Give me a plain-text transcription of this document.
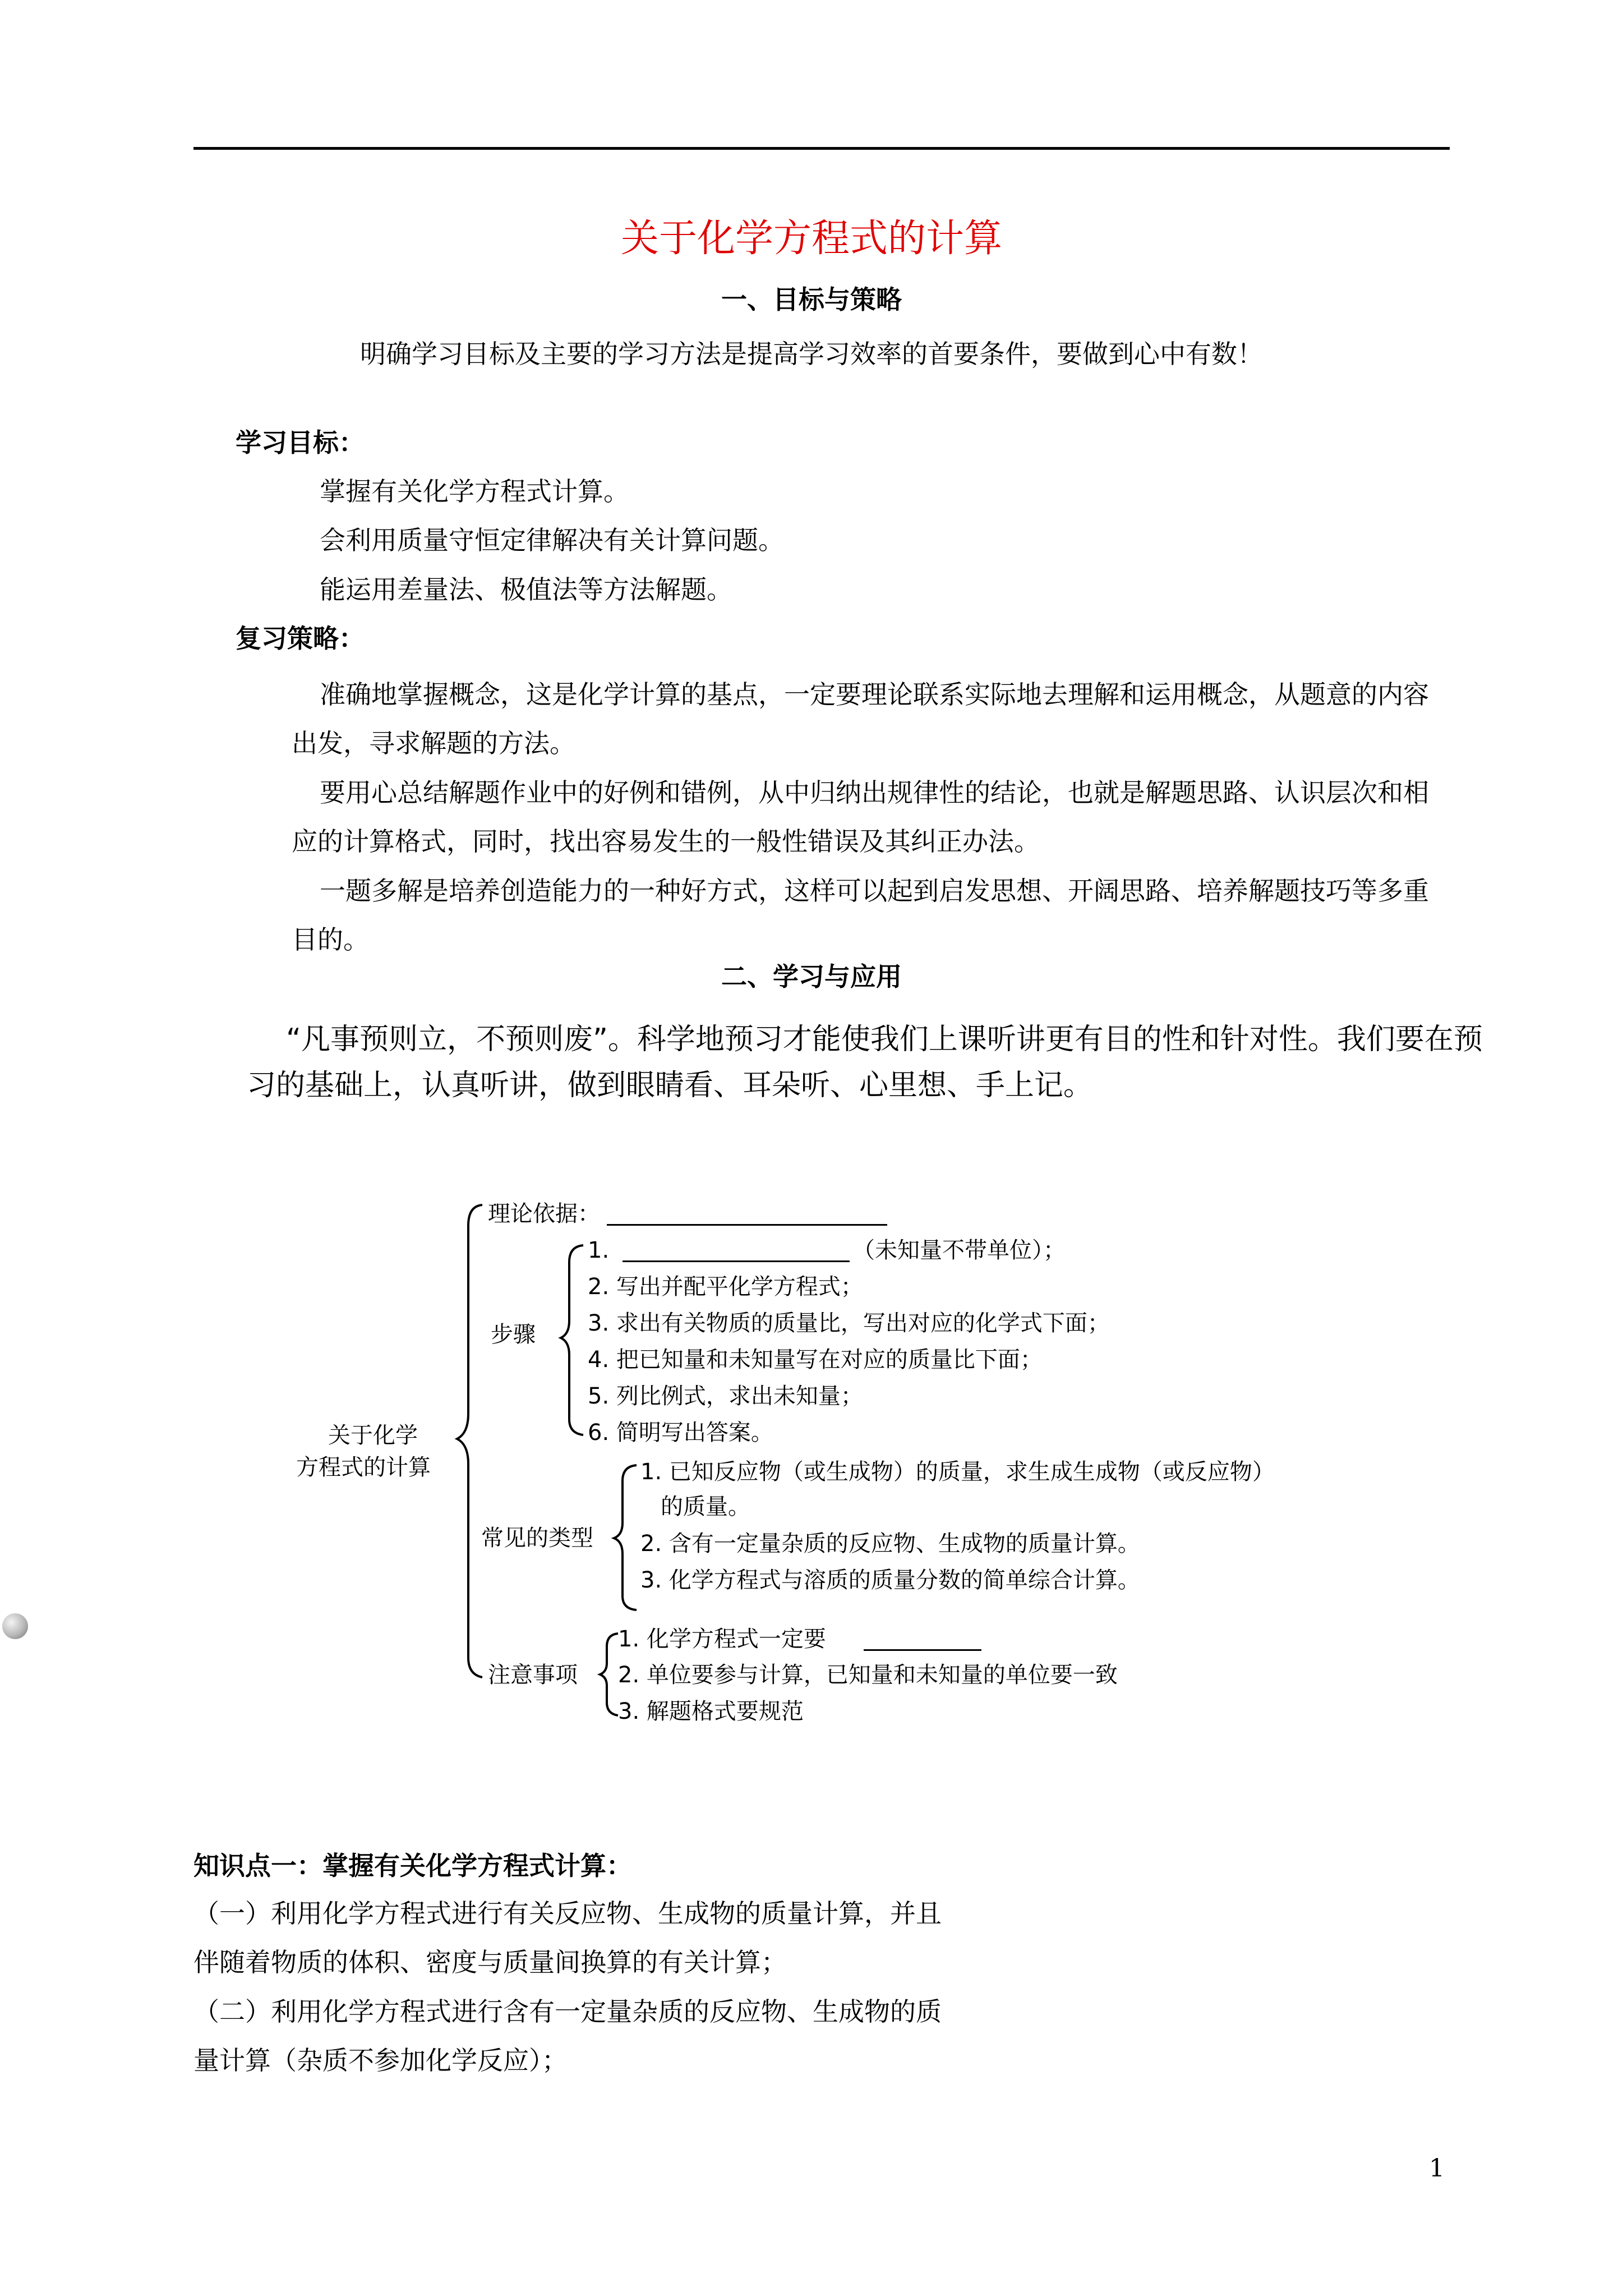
关于化学方程式的计算
一、目标与策略
明确学习目标及主要的学习方法是提高学习效率的首要条件，要做到心中有数！
学习目标：
掌握有关化学方程式计算。
会利用质量守恒定律解决有关计算问题。
能运用差量法、极值法等方法解题。
复习策略：
准确地掌握概念，这是化学计算的基点，一定要理论联系实际地去理解和运用概念，从题意的内容出发，寻求解题的方法。
要用心总结解题作业中的好例和错例，从中归纳出规律性的结论，也就是解题思路、认识层次和相应的计算格式，同时，找出容易发生的一般性错误及其纠正办法。
一题多解是培养创造能力的一种好方式，这样可以起到启发思想、开阔思路、培养解题技巧等多重目的。
二、学习与应用
“凡事预则立，不预则废”。科学地预习才能使我们上课听讲更有目的性和针对性。我们要在预习的基础上，认真听讲，做到眼睛看、耳朵听、心里想、手上记。
关于化学
方程式的计算
理论依据：
步骤
1.	（未知量不带单位）；
2. 写出并配平化学方程式；
3. 求出有关物质的质量比，写出对应的化学式下面；
4. 把已知量和未知量写在对应的质量比下面；
5. 列比例式，求出未知量；
6. 简明写出答案。
常见的类型
1. 已知反应物（或生成物）的质量，求生成生成物（或反应物）
的质量。
2. 含有一定量杂质的反应物、生成物的质量计算。
3. 化学方程式与溶质的质量分数的简单综合计算。
注意事项
1. 化学方程式一定要
2. 单位要参与计算，已知量和未知量的单位要一致
3. 解题格式要规范
知识点一：掌握有关化学方程式计算：
（一）利用化学方程式进行有关反应物、生成物的质量计算，并且
伴随着物质的体积、密度与质量间换算的有关计算；
（二）利用化学方程式进行含有一定量杂质的反应物、生成物的质
量计算（杂质不参加化学反应）；
1
